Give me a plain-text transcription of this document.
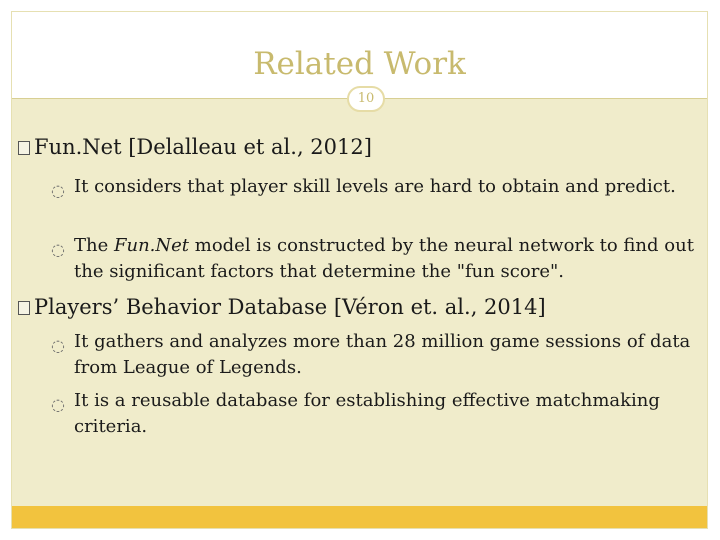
Related Work
Fun.Net [Delalleau et al., 2012]
◌ It considers that player skill levels are hard to obtain and predict.
◌ The Fun.Net model is constructed by the neural network to find out the significant factors that determine the "fun score".
Players’ Behavior Database [Véron et. al., 2014]
◌ It gathers and analyzes more than 28 million game sessions of data from League of Legends.
◌ It is a reusable database for establishing effective matchmaking criteria.
10
